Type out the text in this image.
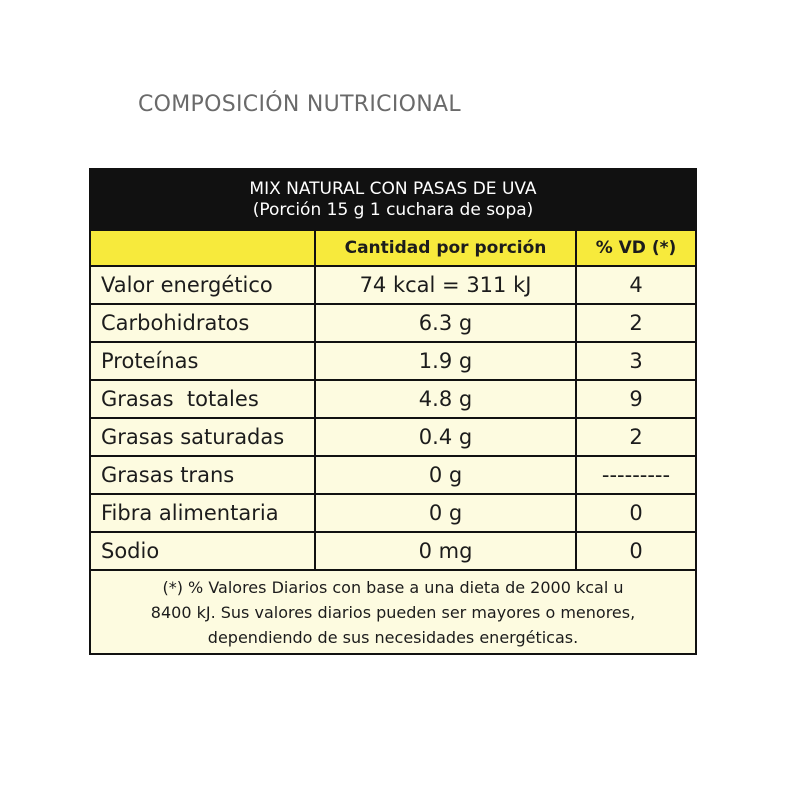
COMPOSICIÓN NUTRICIONAL
MIX NATURAL CON PASAS DE UVA
(Porción 15 g 1 cuchara de sopa)		

	Cantidad por porción	% VD (*)
Valor energético	74 kcal = 311 kJ	4
Carbohidratos	6.3 g	2
Proteínas	1.9 g	3
Grasas  totales	4.8 g	9
Grasas saturadas	0.4 g	2
Grasas trans	0 g	---------
Fibra alimentaria	0 g	0
Sodio	0 mg	0

(*) % Valores Diarios con base a una dieta de 2000 kcal u
8400 kJ. Sus valores diarios pueden ser mayores o menores,
dependiendo de sus necesidades energéticas.		
